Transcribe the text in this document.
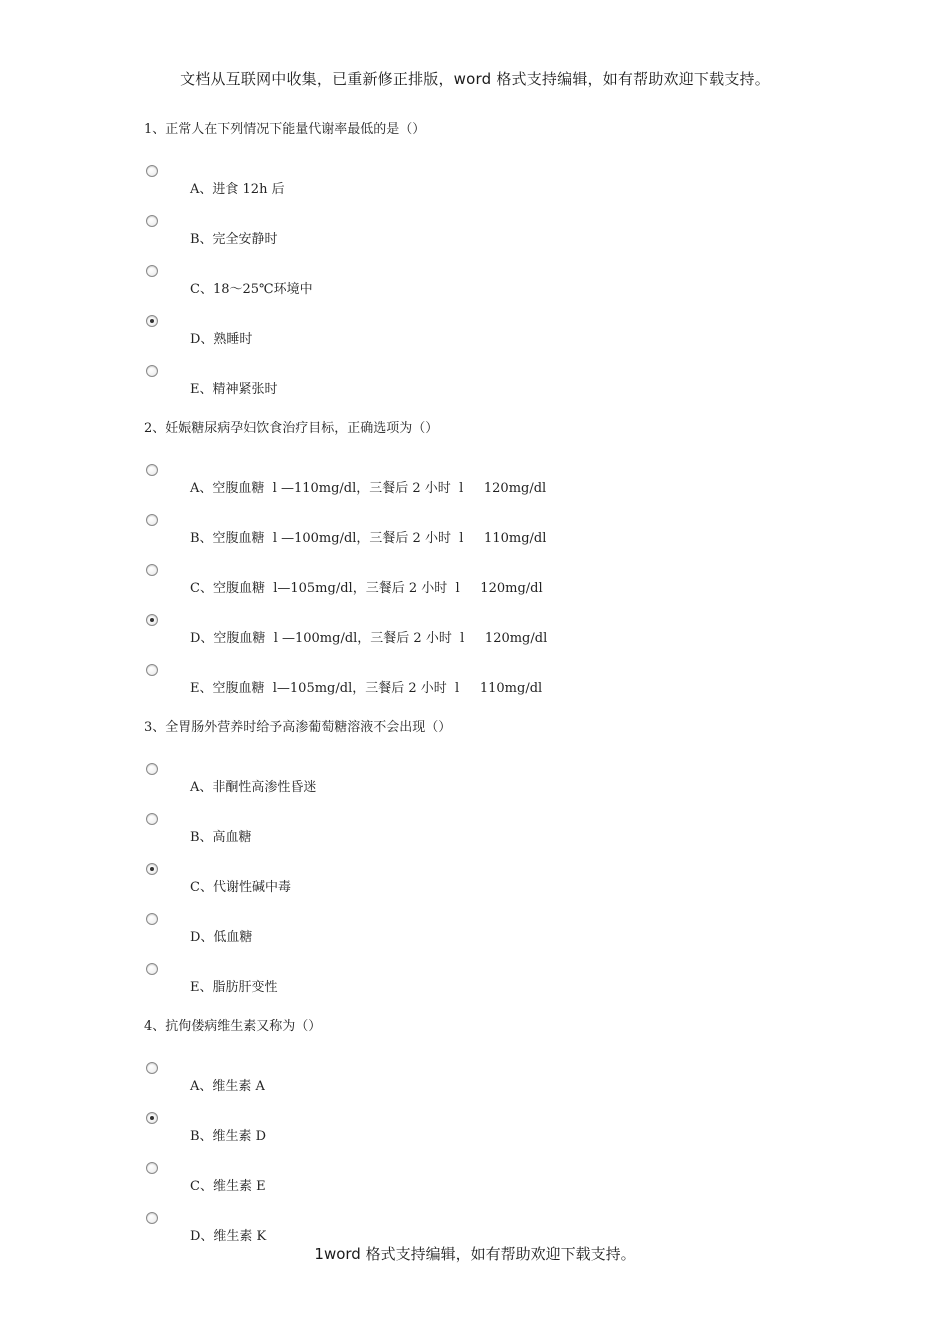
文档从互联网中收集，已重新修正排版，word 格式支持编辑，如有帮助欢迎下载支持。
1、正常人在下列情况下能量代谢率最低的是（）
A、进食 12h 后
B、完全安静时
C、18～25℃环境中
D、熟睡时
E、精神紧张时
2、妊娠糖尿病孕妇饮食治疗目标，正确选项为（）
A、空腹血糖  l —110mg/dl，三餐后 2 小时  l     120mg/dl
B、空腹血糖  l —100mg/dl，三餐后 2 小时  l     110mg/dl
C、空腹血糖  l—105mg/dl，三餐后 2 小时  l     120mg/dl
D、空腹血糖  l —100mg/dl，三餐后 2 小时  l     120mg/dl
E、空腹血糖  l—105mg/dl，三餐后 2 小时  l     110mg/dl
3、全胃肠外营养时给予高渗葡萄糖溶液不会出现（）
A、非酮性高渗性昏迷
B、高血糖
C、代谢性碱中毒
D、低血糖
E、脂肪肝变性
4、抗佝偻病维生素又称为（）
A、维生素 A
B、维生素 D
C、维生素 E
D、维生素 K
1word 格式支持编辑，如有帮助欢迎下载支持。
